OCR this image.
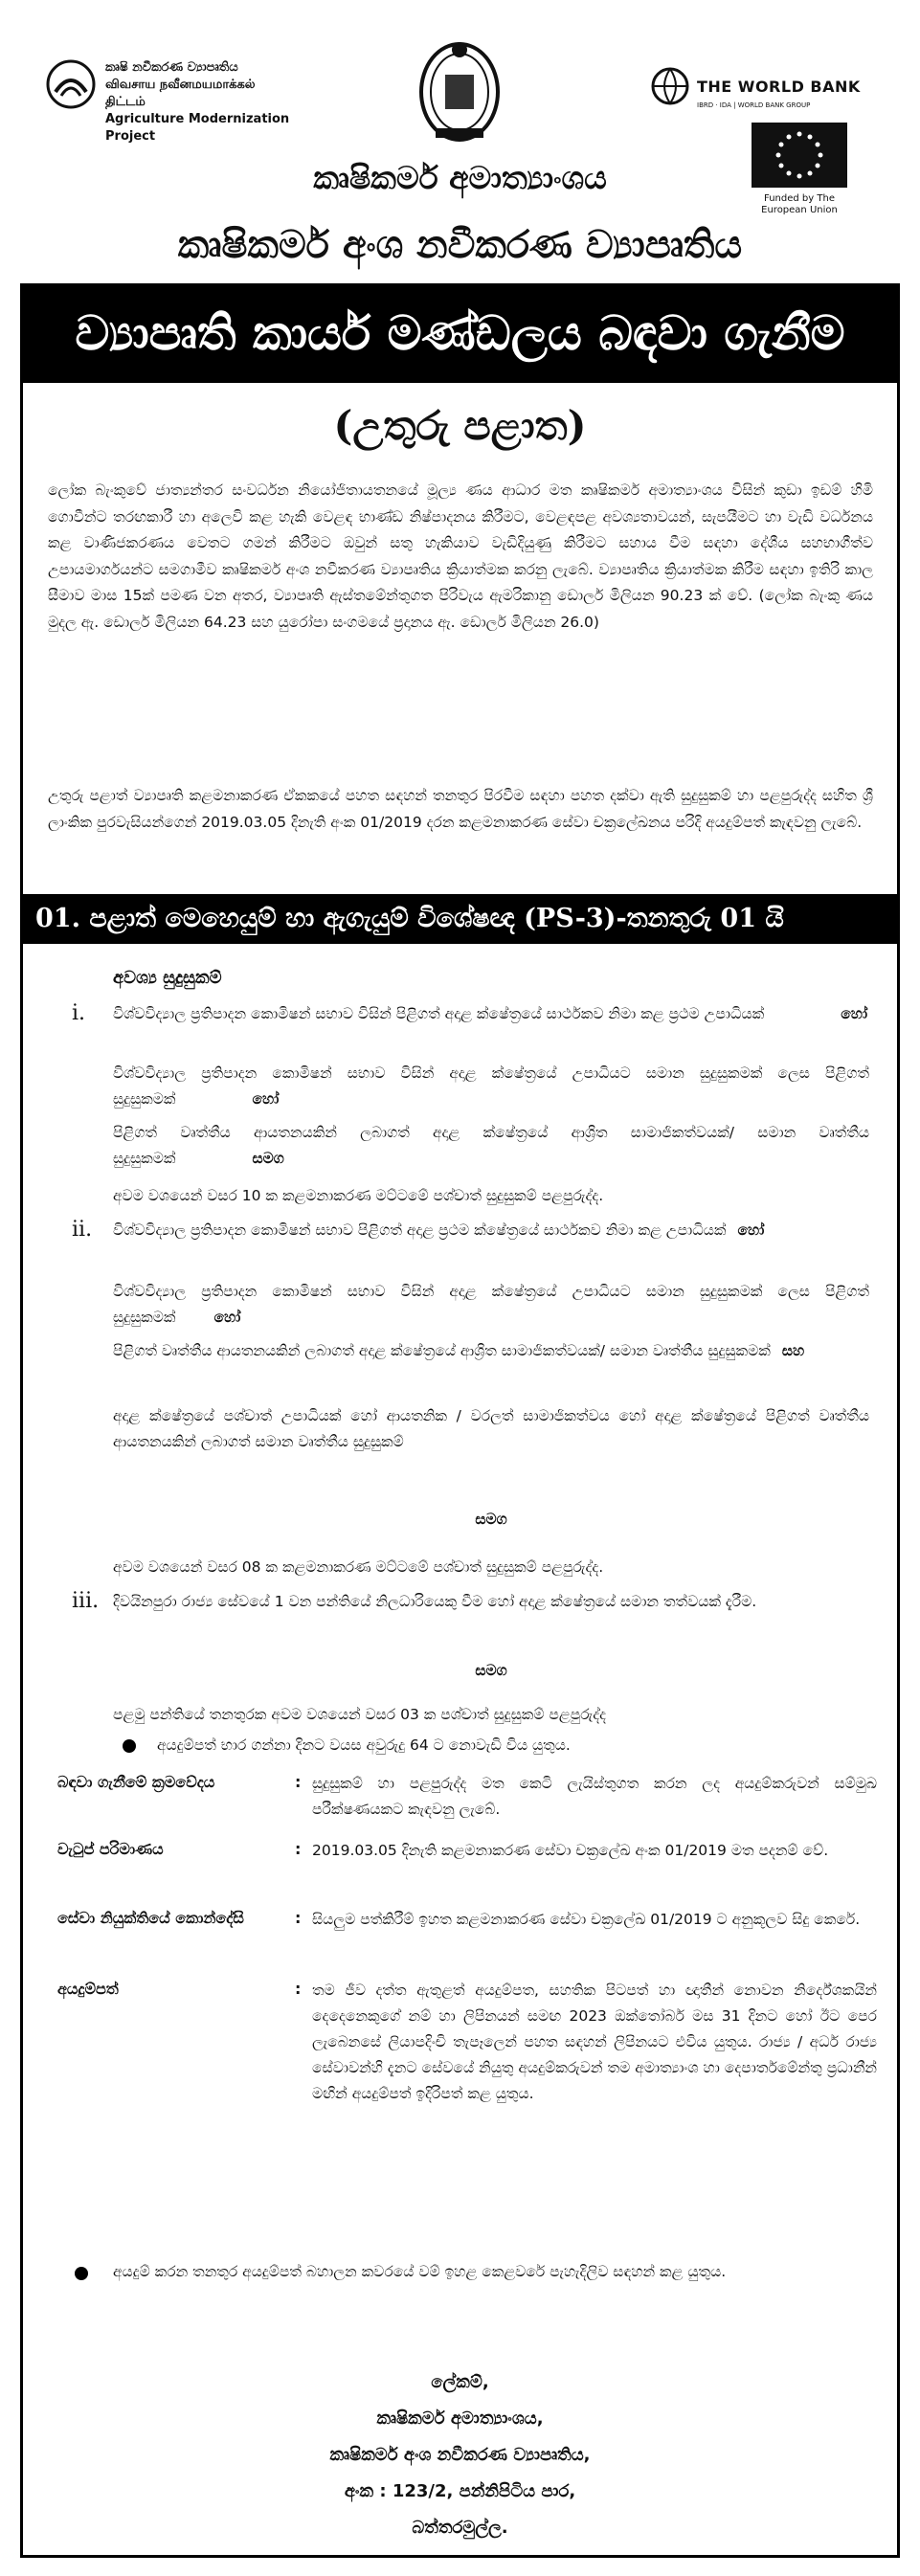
කෘෂි නවීකරණ ව්‍යාපෘතිය
விவசாய நவீனமயமாக்கல் திட்டம்
Agriculture Modernization Project
THE WORLD BANK
IBRD · IDA | WORLD BANK GROUP
Funded by The European Union
කෘෂිකර්ම අමාත්‍යාංශය
කෘෂිකර්ම අංශ නවීකරණ ව්‍යාපෘතිය
ව්‍යාපෘති කාර්ය මණ්ඩලය බඳවා ගැනීම
(උතුරු පළාත)

ලෝක බැංකුවේ ජාත්‍යන්තර සංවර්ධන නියෝජිතායතනයේ මූල්‍ය ණය ආධාර මත කෘෂිකර්ම අමාත්‍යාංශය විසින් කුඩා ඉඩම් හිමි ගොවීන්ට තරඟකාරී හා අලෙවි කළ හැකි වෙළඳ භාණ්ඩ නිෂ්පාදනය කිරීමට, වෙළඳපළ අවශ්‍යතාවයන්, සැපයීමට හා වැඩි වර්ධනය කළ වාණිජකරණය වෙතට ගමන් කිරීමට ඔවුන් සතු හැකියාව වැඩිදියුණු කිරීමට සහාය වීම සඳහා දේශීය සහභාගීත්ව උපායමාර්ගයන්ට සමගාමීව කෘෂිකර්ම අංශ නවීකරණ ව්‍යාපෘතිය ක්‍රියාත්මක කරනු ලැබේ. ව්‍යාපෘතිය ක්‍රියාත්මක කිරීම සඳහා ඉතිරි කාල සීමාව මාස 15ක් පමණ වන අතර, ව්‍යාපෘති ඇස්තමේන්තුගත පිරිවැය ඇමරිකානු ඩොලර් මිලියන 90.23 ක් වේ. (ලෝක බැංකු ණය මුදල ඇ. ඩොලර් මිලියන 64.23 සහ යුරෝපා සංගමයේ ප්‍රදානය ඇ. ඩොලර් මිලියන 26.0)

උතුරු පළාත් ව්‍යාපෘති කළමනාකරණ ඒකකයේ පහත සඳහන් තනතුර පිරවීම සඳහා පහත දක්වා ඇති සුදුසුකම් හා පළපුරුද්ද සහිත ශ්‍රී ලාංකික පුරවැසියන්ගෙන් 2019.03.05 දිනැති අංක 01/2019 දරන කළමනාකරණ සේවා චක්‍රලේඛනය පරිදි අයදුම්පත් කැඳවනු ලැබේ.

01. පළාත් මෙහෙයුම් හා ඇගැයුම් විශේෂඥ (PS-3)-තනතුරු 01 යි
අවශ්‍ය සුදුසුකම්
i. විශ්වවිද්‍යාල ප්‍රතිපාදන කොමිෂන් සභාව විසින් පිළිගත් අදාළ ක්ෂේත්‍රයේ සාර්ථකව නිමා කළ ප්‍රථම උපාධියක්	හෝ
විශ්වවිද්‍යාල ප්‍රතිපාදන කොමිෂන් සභාව විසින් අදාළ ක්ෂේත්‍රයේ උපාධියට සමාන සුදුසුකමක් ලෙස පිළිගත් සුදුසුකමක්	හෝ
පිළිගත් වෘත්තීය ආයතනයකින් ලබාගත් අදාළ ක්ෂේත්‍රයේ ආශ්‍රිත සාමාජිකත්වයක්/ සමාන වෘත්තීය සුදුසුකමක්	සමග
අවම වශයෙන් වසර 10 ක කළමනාකරණ මට්ටමේ පශ්චාත් සුදුසුකම් පළපුරුද්ද.
ii. විශ්වවිද්‍යාල ප්‍රතිපාදන කොමිෂන් සභාව පිළිගත් අදාළ ප්‍රථම ක්ෂේත්‍රයේ සාර්ථකව නිමා කළ උපාධියක් හෝ
විශ්වවිද්‍යාල ප්‍රතිපාදන කොමිෂන් සභාව විසින් අදාළ ක්ෂේත්‍රයේ උපාධියට සමාන සුදුසුකමක් ලෙස පිළිගත් සුදුසුකමක්	හෝ
පිළිගත් වෘත්තීය ආයතනයකින් ලබාගත් අදාළ ක්ෂේත්‍රයේ ආශ්‍රිත සාමාජිකත්වයක්/ සමාන වෘත්තීය සුදුසුකමක් සහ
අදාළ ක්ෂේත්‍රයේ පශ්චාත් උපාධියක් හෝ ආයතනික / වරලත් සාමාජිකත්වය හෝ අදාළ ක්ෂේත්‍රයේ පිළිගත් වෘත්තීය ආයතනයකින් ලබාගත් සමාන වෘත්තීය සුදුසුකම්
සමග
අවම වශයෙන් වසර 08 ක කළමනාකරණ මට්ටමේ පශ්චාත් සුදුසුකම් පළපුරුද්ද.
iii. දිවයිනපුරා රාජ්‍ය සේවයේ 1 වන පන්තියේ නිලධාරියෙකු වීම හෝ අදාළ ක්ෂේත්‍රයේ සමාන තත්වයක් දැරීම.
සමග
පළමු පන්තියේ තනතුරක අවම වශයෙන් වසර 03 ක පශ්චාත් සුදුසුකම් පළපුරුද්ද
අයදුම්පත් භාර ගන්නා දිනට වයස අවුරුදු 64 ට නොවැඩි විය යුතුය.
බඳවා ගැනීමේ ක්‍රමවේදය	: සුදුසුකම් හා පළපුරුද්ද මත කෙටි ලැයිස්තුගත කරන ලද අයදුම්කරුවන් සම්මුඛ පරීක්ෂණයකට කැඳවනු ලැබේ.
වැටුප් පරිමාණය	: 2019.03.05 දිනැති කළමනාකරණ සේවා චක්‍රලේඛ අංක 01/2019 මත පදනම් වේ.
සේවා නියුක්තියේ කොන්දේසි	: සියලුම පත්කිරීම් ඉහත කළමනාකරණ සේවා චක්‍රලේඛ 01/2019 ට අනුකූලව සිදු කෙරේ.
අයදුම්පත්	: තම ජීව දත්ත ඇතුළත් අයදුම්පත, සහතික පිටපත් හා ඥාතීන් නොවන නිර්දේශකයින් දෙදෙනෙකුගේ නම් හා ලිපිනයන් සමඟ 2023 ඔක්තෝබර් මස 31 දිනට හෝ ඊට පෙර ලැබෙනසේ ලියාපදිංචි තැපෑලෙන් පහත සඳහන් ලිපිනයට එවිය යුතුය. රාජ්‍ය / අර්ධ රාජ්‍ය සේවාවන්හි දැනට සේවයේ නියුතු අයදුම්කරුවන් තම අමාත්‍යාංශ හා දෙපාර්තමේන්තු ප්‍රධානීන් මඟින් අයදුම්පත් ඉදිරිපත් කළ යුතුය.
අයදුම් කරන තනතුර අයදුම්පත් බහාලන කවරයේ වම් ඉහළ කෙළවරේ පැහැදිලිව සඳහන් කළ යුතුය.
ලේකම්,
කෘෂිකර්ම අමාත්‍යාංශය,
කෘෂිකර්ම අංශ නවීකරණ ව්‍යාපෘතිය,
අංක : 123/2, පන්නිපිටිය පාර,
බත්තරමුල්ල.
